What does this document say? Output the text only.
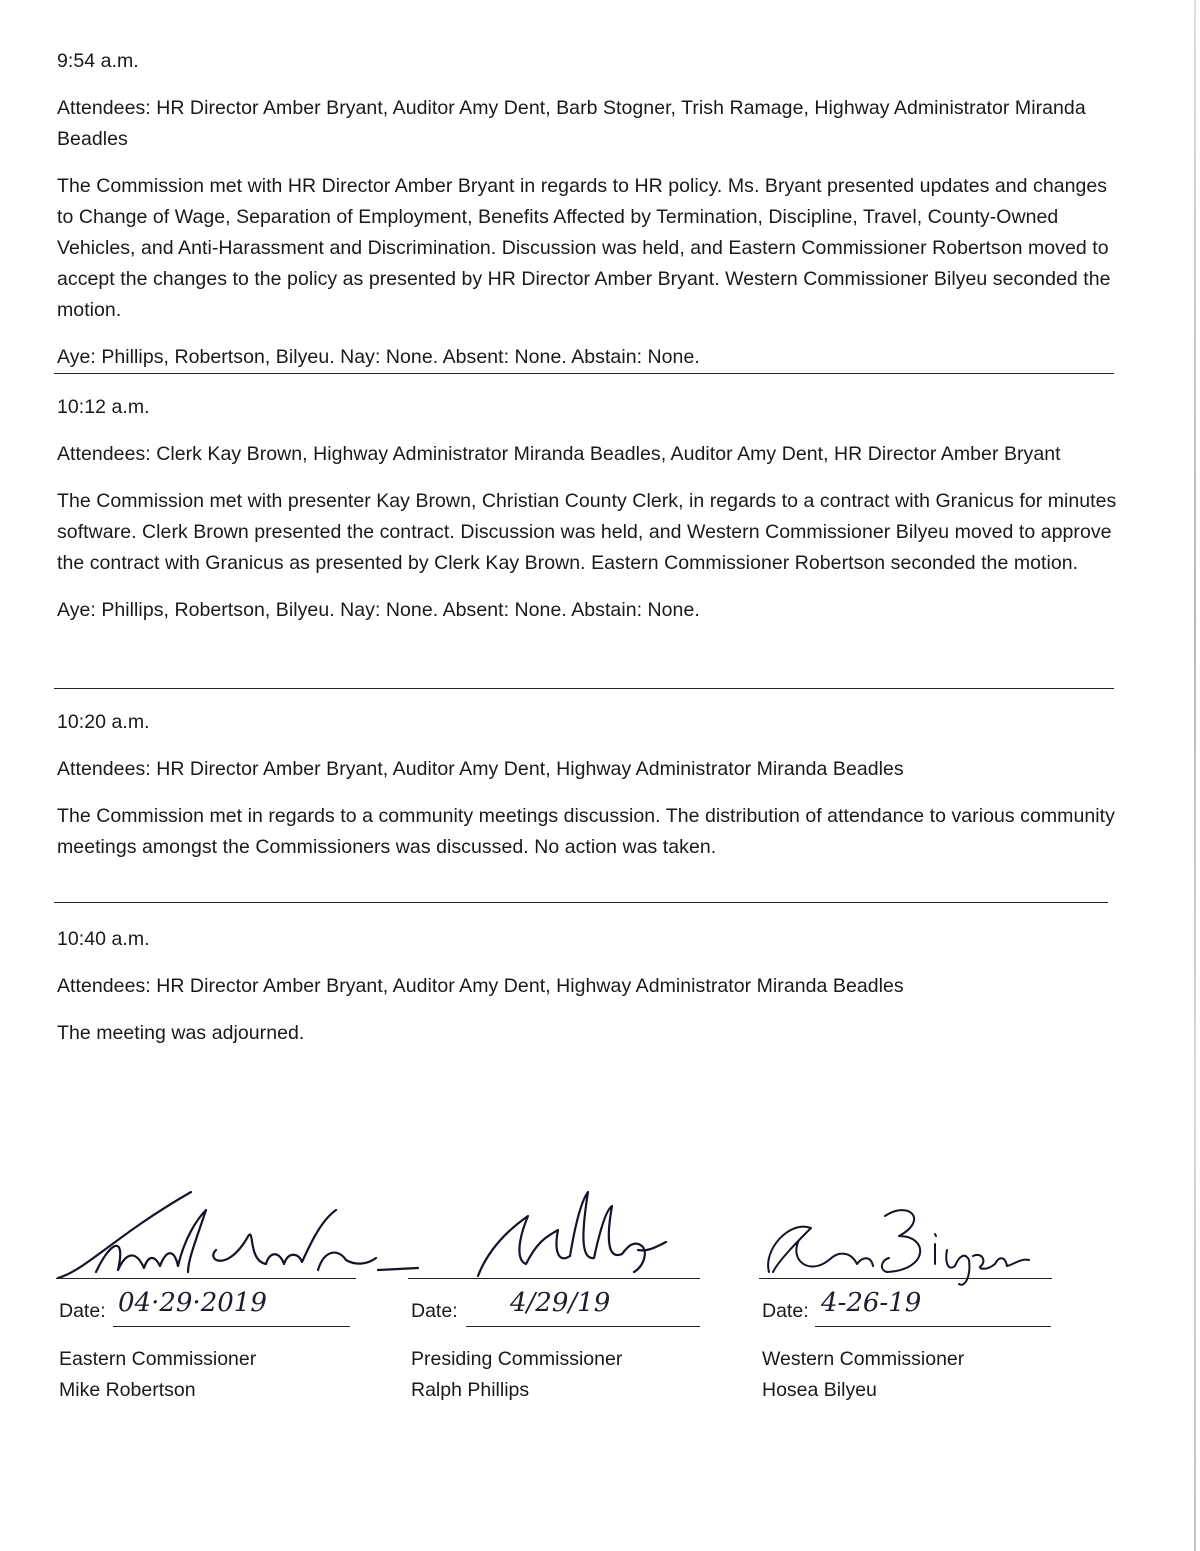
9:54 a.m.

Attendees: HR Director Amber Bryant, Auditor Amy Dent, Barb Stogner, Trish Ramage, Highway Administrator Miranda Beadles

The Commission met with HR Director Amber Bryant in regards to HR policy. Ms. Bryant presented updates and changes to Change of Wage, Separation of Employment, Benefits Affected by Termination, Discipline, Travel, County-Owned Vehicles, and Anti-Harassment and Discrimination. Discussion was held, and Eastern Commissioner Robertson moved to accept the changes to the policy as presented by HR Director Amber Bryant. Western Commissioner Bilyeu seconded the motion.

Aye: Phillips, Robertson, Bilyeu. Nay: None. Absent: None. Abstain: None.

10:12 a.m.

Attendees: Clerk Kay Brown, Highway Administrator Miranda Beadles, Auditor Amy Dent, HR Director Amber Bryant

The Commission met with presenter Kay Brown, Christian County Clerk, in regards to a contract with Granicus for minutes software. Clerk Brown presented the contract. Discussion was held, and Western Commissioner Bilyeu moved to approve the contract with Granicus as presented by Clerk Kay Brown. Eastern Commissioner Robertson seconded the motion.

Aye: Phillips, Robertson, Bilyeu. Nay: None. Absent: None. Abstain: None.

10:20 a.m.

Attendees: HR Director Amber Bryant, Auditor Amy Dent, Highway Administrator Miranda Beadles

The Commission met in regards to a community meetings discussion. The distribution of attendance to various community meetings amongst the Commissioners was discussed. No action was taken.

10:40 a.m.

Attendees: HR Director Amber Bryant, Auditor Amy Dent, Highway Administrator Miranda Beadles

The meeting was adjourned.

Date: 04·29·2019
Eastern Commissioner
Mike Robertson
Date: 4/29/19
Presiding Commissioner
Ralph Phillips
Date: 4-26-19
Western Commissioner
Hosea Bilyeu
